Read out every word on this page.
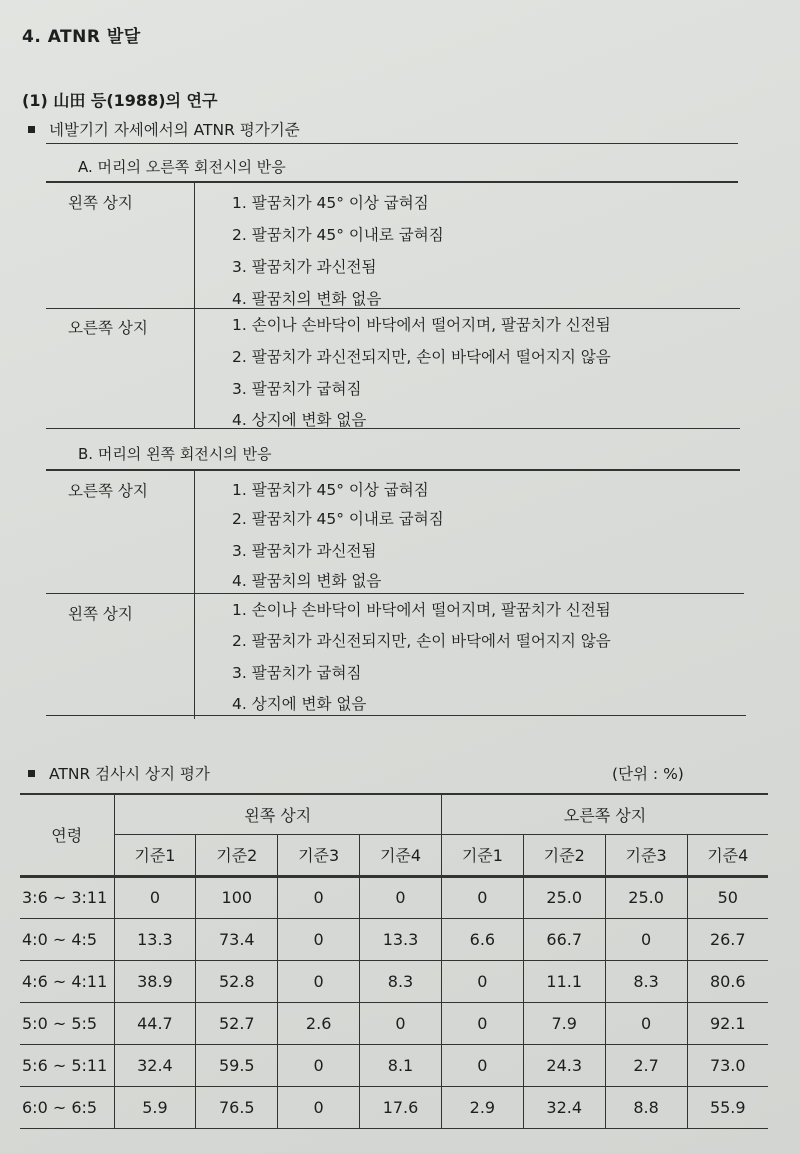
4. ATNR 발달
(1) 山田 등(1988)의 연구
네발기기 자세에서의 ATNR 평가기준
A. 머리의 오른쪽 회전시의 반응
왼쪽 상지	1. 팔꿈치가 45° 이상 굽혀짐
2. 팔꿈치가 45° 이내로 굽혀짐
3. 팔꿈치가 과신전됨
4. 팔꿈치의 변화 없음
오른쪽 상지	1. 손이나 손바닥이 바닥에서 떨어지며, 팔꿈치가 신전됨
2. 팔꿈치가 과신전되지만, 손이 바닥에서 떨어지지 않음
3. 팔꿈치가 굽혀짐
4. 상지에 변화 없음
B. 머리의 왼쪽 회전시의 반응
오른쪽 상지	1. 팔꿈치가 45° 이상 굽혀짐
2. 팔꿈치가 45° 이내로 굽혀짐
3. 팔꿈치가 과신전됨
4. 팔꿈치의 변화 없음
왼쪽 상지	1. 손이나 손바닥이 바닥에서 떨어지며, 팔꿈치가 신전됨
2. 팔꿈치가 과신전되지만, 손이 바닥에서 떨어지지 않음
3. 팔꿈치가 굽혀짐
4. 상지에 변화 없음
ATNR 검사시 상지 평가	(단위 : %)
연령	왼쪽 상지				오른쪽 상지			
	기준1	기준2	기준3	기준4	기준1	기준2	기준3	기준4
3:6 ~ 3:11	0	100	0	0	0	25.0	25.0	50
4:0 ~ 4:5	13.3	73.4	0	13.3	6.6	66.7	0	26.7
4:6 ~ 4:11	38.9	52.8	0	8.3	0	11.1	8.3	80.6
5:0 ~ 5:5	44.7	52.7	2.6	0	0	7.9	0	92.1
5:6 ~ 5:11	32.4	59.5	0	8.1	0	24.3	2.7	73.0
6:0 ~ 6:5	5.9	76.5	0	17.6	2.9	32.4	8.8	55.9
